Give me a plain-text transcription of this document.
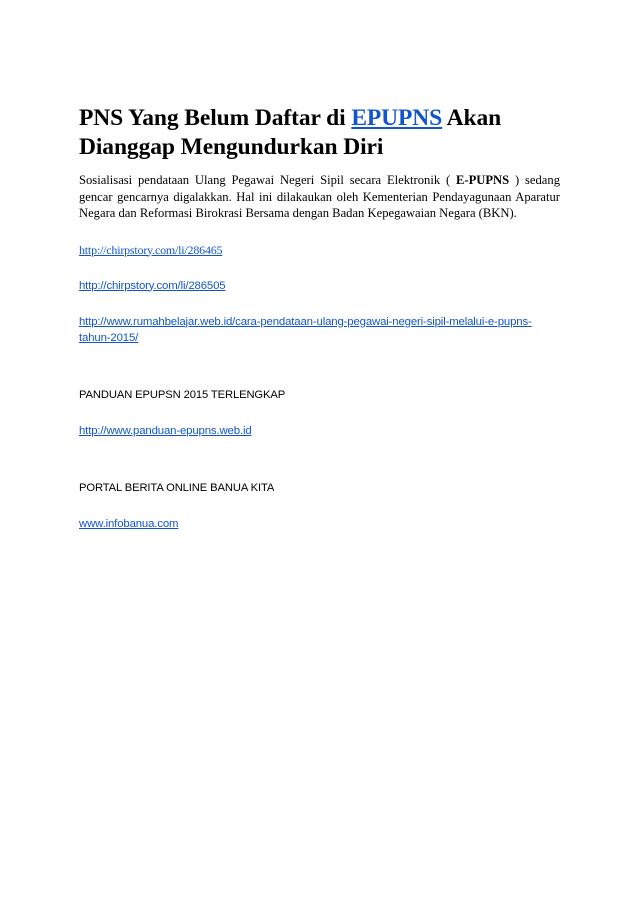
PNS Yang Belum Daftar di EPUPNS Akan Dianggap Mengundurkan Diri

Sosialisasi pendataan Ulang Pegawai Negeri Sipil secara Elektronik ( E-PUPNS ) sedang gencar gencarnya digalakkan. Hal ini dilakaukan oleh Kementerian Pendayagunaan Aparatur Negara dan Reformasi Birokrasi Bersama dengan Badan Kepegawaian Negara (BKN).

http://chirpstory.com/li/286465
http://chirpstory.com/li/286505
http://www.rumahbelajar.web.id/cara-pendataan-ulang-pegawai-negeri-sipil-melalui-e-pupns-tahun-2015/

PANDUAN EPUPSN 2015 TERLENGKAP

http://www.panduan-epupns.web.id

PORTAL BERITA ONLINE BANUA KITA

www.infobanua.com
